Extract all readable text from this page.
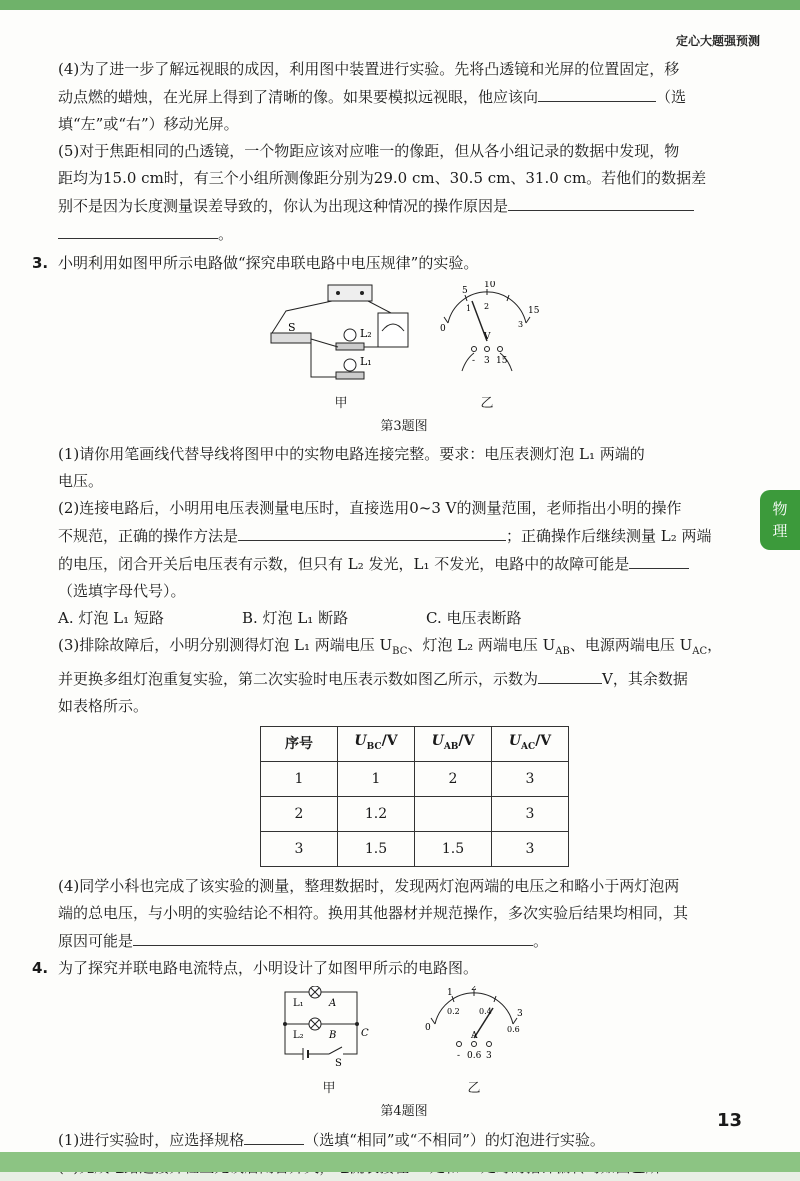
定心大题强预测
物
理

(4)为了进一步了解远视眼的成因，利用图中装置进行实验。先将凸透镜和光屏的位置固定，移
动点燃的蜡烛，在光屏上得到了清晰的像。如果要模拟远视眼，他应该向	（选
填“左”或“右”）移动光屏。

(5)对于焦距相同的凸透镜，一个物距应该对应唯一的像距，但从各小组记录的数据中发现，物
距均为15.0 cm时，有三个小组所测像距分别为29.0 cm、30.5 cm、31.0 cm。若他们的数据差
别不是因为长度测量误差导致的，你认为出现这种情况的操作原因是
。

3. 小明利用如图甲所示电路做“探究串联电路中电压规律”的实验。

S	L₂
L₁
甲
0
5
10
15
1 2
3
V
- 3 15
乙
第3题图

(1)请你用笔画线代替导线将图甲中的实物电路连接完整。要求：电压表测灯泡 L₁ 两端的
电压。

(2)连接电路后，小明用电压表测量电压时，直接选用0~3 V的测量范围，老师指出小明的操作
不规范，正确的操作方法是	；正确操作后继续测量 L₂ 两端
的电压，闭合开关后电压表有示数，但只有 L₂ 发光，L₁ 不发光，电路中的故障可能是
（选填字母代号）。

A. 灯泡 L₁ 短路	B. 灯泡 L₁ 断路	C. 电压表断路

(3)排除故障后，小明分别测得灯泡 L₁ 两端电压 $U_{BC}$、灯泡 L₂ 两端电压 $U_{AB}$、电源两端电压 $U_{AC}$，
并更换多组灯泡重复实验，第二次实验时电压表示数如图乙所示，示数为	V，其余数据
如表格所示。

序号	$U_{BC}/V$	$U_{AB}/V$	$U_{AC}/V$
1	1	2	3
2	1.2		3
3	1.5	1.5	3

(4)同学小科也完成了该实验的测量，整理数据时，发现两灯泡两端的电压之和略小于两灯泡两
端的总电压，与小明的实验结论不相符。换用其他器材并规范操作，多次实验后结果均相同，其
原因可能是	。

4. 为了探究并联电路电流特点，小明设计了如图甲所示的电路图。

L₁	A
L₂	B C
S
甲
0
1 2
3
0.2 0.4
0.6
A
- 0.6 3
乙
第4题图

(1)进行实验时，应选择规格	（选填“相同”或“不相同”）的灯泡进行实验。

13
